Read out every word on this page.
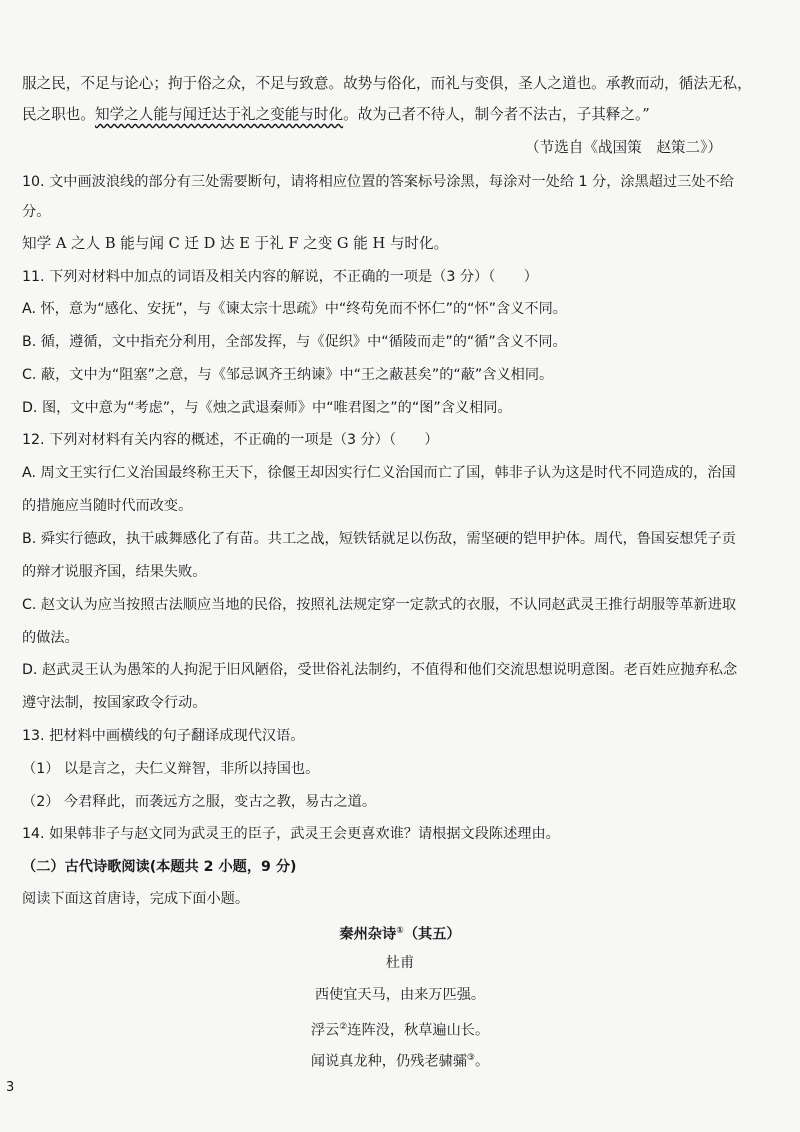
服之民，不足与论心；拘于俗之众，不足与致意。故势与俗化，而礼与变俱，圣人之道也。承教而动，循法无私，
民之职也。知学之人能与闻迁达于礼之变能与时化。故为己者不待人，制今者不法古，子其释之。”
（节选自《战国策　赵策二》）
10. 文中画波浪线的部分有三处需要断句，请将相应位置的答案标号涂黑，每涂对一处给 1 分，涂黑超过三处不给
分。
知学 A 之人 B 能与闻 C 迁 D 达 E 于礼 F 之变 G 能 H 与时化。
11. 下列对材料中加点的词语及相关内容的解说，不正确的一项是（3 分）（　　）
A. 怀，意为“感化、安抚”，与《谏太宗十思疏》中“终苟免而不怀仁”的“怀”含义不同。
B. 循，遵循，文中指充分利用，全部发挥，与《促织》中“循陵而走”的“循”含义不同。
C. 蔽，文中为“阻塞”之意，与《邹忌讽齐王纳谏》中“王之蔽甚矣”的“蔽”含义相同。
D. 图，文中意为“考虑”，与《烛之武退秦师》中“唯君图之”的“图”含义相同。
12. 下列对材料有关内容的概述，不正确的一项是（3 分）（　　）
A. 周文王实行仁义治国最终称王天下，徐偃王却因实行仁义治国而亡了国，韩非子认为这是时代不同造成的，治国
的措施应当随时代而改变。
B. 舜实行德政，执干戚舞感化了有苗。共工之战，短铁铦就足以伤敌，需坚硬的铠甲护体。周代，鲁国妄想凭子贡
的辩才说服齐国，结果失败。
C. 赵文认为应当按照古法顺应当地的民俗，按照礼法规定穿一定款式的衣服，不认同赵武灵王推行胡服等革新进取
的做法。
D. 赵武灵王认为愚笨的人拘泥于旧风陋俗，受世俗礼法制约，不值得和他们交流思想说明意图。老百姓应抛弃私念
遵守法制，按国家政令行动。
13. 把材料中画横线的句子翻译成现代汉语。
（1） 以是言之，夫仁义辩智，非所以持国也。
（2） 今君释此，而袭远方之服，变古之教，易古之道。
14. 如果韩非子与赵文同为武灵王的臣子，武灵王会更喜欢谁？请根据文段陈述理由。
（二）古代诗歌阅读(本题共 2 小题，9 分)
阅读下面这首唐诗，完成下面小题。
秦州杂诗①（其五）
杜甫
西使宜天马，由来万匹强。
浮云②连阵没，秋草遍山长。
闻说真龙种，仍残老骕骦③。
3
